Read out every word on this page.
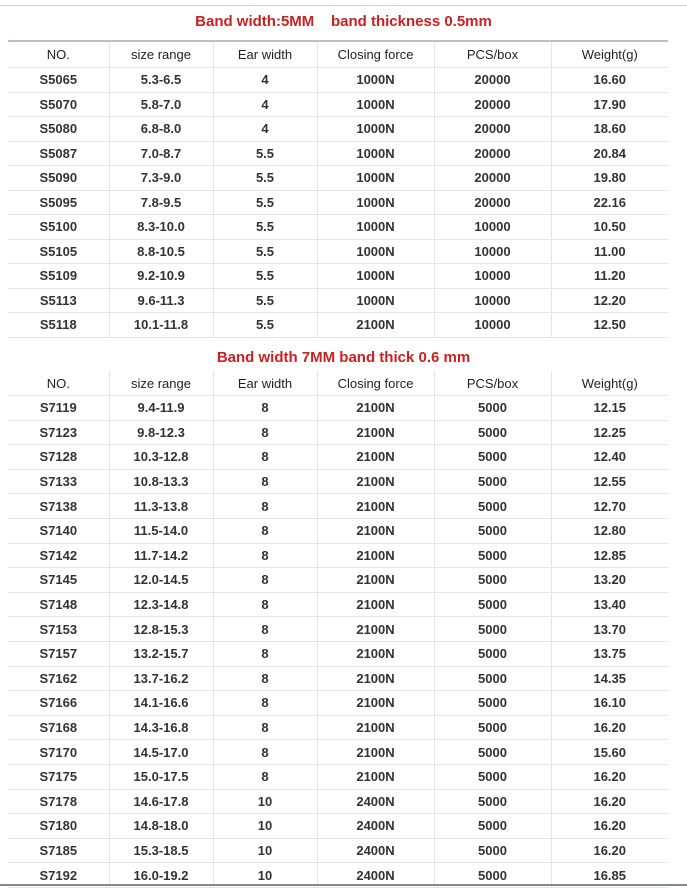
Band width:5MM    band thickness 0.5mm
NO.	size range	Ear width	Closing force	PCS/box	Weight(g)
S5065	5.3-6.5	4	1000N	20000	16.60
S5070	5.8-7.0	4	1000N	20000	17.90
S5080	6.8-8.0	4	1000N	20000	18.60
S5087	7.0-8.7	5.5	1000N	20000	20.84
S5090	7.3-9.0	5.5	1000N	20000	19.80
S5095	7.8-9.5	5.5	1000N	20000	22.16
S5100	8.3-10.0	5.5	1000N	10000	10.50
S5105	8.8-10.5	5.5	1000N	10000	11.00
S5109	9.2-10.9	5.5	1000N	10000	11.20
S5113	9.6-11.3	5.5	1000N	10000	12.20
S5118	10.1-11.8	5.5	2100N	10000	12.50
Band width 7MM band thick 0.6 mm
NO.	size range	Ear width	Closing force	PCS/box	Weight(g)
S7119	9.4-11.9	8	2100N	5000	12.15
S7123	9.8-12.3	8	2100N	5000	12.25
S7128	10.3-12.8	8	2100N	5000	12.40
S7133	10.8-13.3	8	2100N	5000	12.55
S7138	11.3-13.8	8	2100N	5000	12.70
S7140	11.5-14.0	8	2100N	5000	12.80
S7142	11.7-14.2	8	2100N	5000	12.85
S7145	12.0-14.5	8	2100N	5000	13.20
S7148	12.3-14.8	8	2100N	5000	13.40
S7153	12.8-15.3	8	2100N	5000	13.70
S7157	13.2-15.7	8	2100N	5000	13.75
S7162	13.7-16.2	8	2100N	5000	14.35
S7166	14.1-16.6	8	2100N	5000	16.10
S7168	14.3-16.8	8	2100N	5000	16.20
S7170	14.5-17.0	8	2100N	5000	15.60
S7175	15.0-17.5	8	2100N	5000	16.20
S7178	14.6-17.8	10	2400N	5000	16.20
S7180	14.8-18.0	10	2400N	5000	16.20
S7185	15.3-18.5	10	2400N	5000	16.20
S7192	16.0-19.2	10	2400N	5000	16.85
